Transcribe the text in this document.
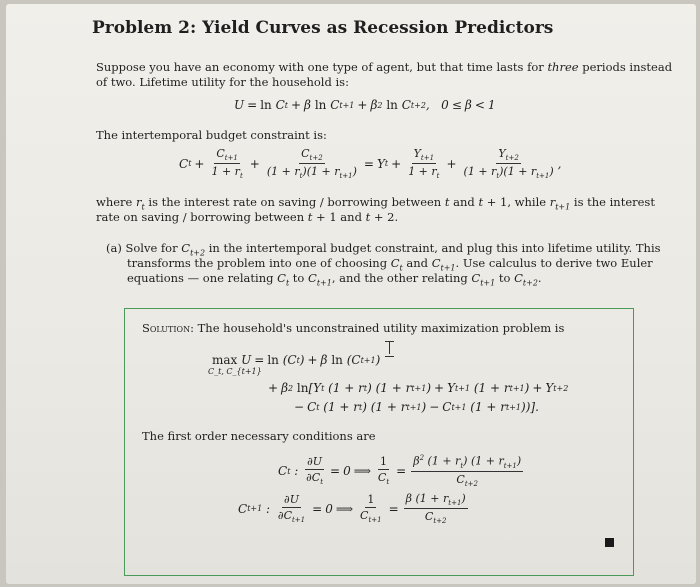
Problem 2: Yield Curves as Recession Predictors
Suppose you have an economy with one type of agent, but that time lasts for three periods instead
of two. Lifetime utility for the household is:
U = ln C t + β ln C t+1 + β 2
ln C t+2 ,   0 ≤ β < 1
The intertemporal budget constraint is:
C $t + \frac{C_{t+1}}{1 + r_t} + \frac{C_{t+2}}{(1 + r_t)(1 + r_{t+1})} = Y$ $t + \frac{Y_{t+1}}{1 + r_t} + \frac{Y_{t+2}}{(1 + r_t)(1 + r_{t+1})}$ ,
where $r_t$ is the interest rate on saving / borrowing between t and t + 1, while $r_{t+1}$ is the interest
rate on saving / borrowing between t + 1 and t + 2.
(a) Solve for $C_{t+2}$ in the intertemporal budget constraint, and plug this into lifetime utility. This
transforms the problem into one of choosing $C_t$ and $C_{t+1}$. Use calculus to derive two Euler
equations — one relating $C_t$ to $C_{t+1}$, and the other relating $C_{t+1}$ to $C_{t+2}$.
Solution: The household's unconstrained utility maximization problem is
max U = ln (C t ) + β ln (C t+1 )
C_t, C_{t+1}
+ β 2
ln [Y t (1 + r t ) (1 + r t+1 ) + Y t+1 (1 + r t+1 ) + Y t+2
− C t (1 + r t ) (1 + r t+1 ) − C t+1 (1 + r t+1 ))].
The first order necessary conditions are
C t : $\frac{\partial U}{\partial C_t} = 0$ ⟹ $\frac{1}{C_t} = \frac{\beta^2 (1 + r_t) (1 + r_{t+1})}{C_{t+2}}$
C t+1 : $\frac{\partial U}{\partial C_{t+1}} = 0$ ⟹ $\frac{1}{C_{t+1}} = \frac{\beta (1 + r_{t+1})}{C_{t+2}}$
